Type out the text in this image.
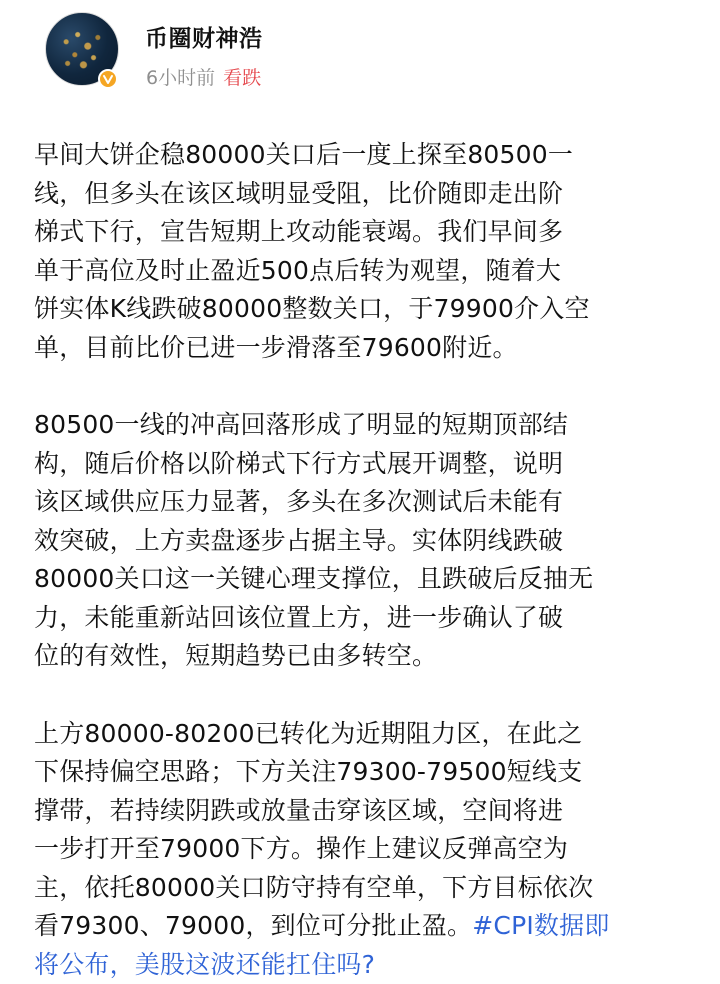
币圈财神浩
6小时前 看跌

早间大饼企稳80000关口后一度上探至80500一

线，但多头在该区域明显受阻，比价随即走出阶

梯式下行，宣告短期上攻动能衰竭。我们早间多

单于高位及时止盈近500点后转为观望，随着大

饼实体K线跌破80000整数关口，于79900介入空

单，目前比价已进一步滑落至79600附近。

80500一线的冲高回落形成了明显的短期顶部结

构，随后价格以阶梯式下行方式展开调整，说明

该区域供应压力显著，多头在多次测试后未能有

效突破，上方卖盘逐步占据主导。实体阴线跌破

80000关口这一关键心理支撑位，且跌破后反抽无

力，未能重新站回该位置上方，进一步确认了破

位的有效性，短期趋势已由多转空。

上方80000-80200已转化为近期阻力区，在此之

下保持偏空思路；下方关注79300-79500短线支

撑带，若持续阴跌或放量击穿该区域，空间将进

一步打开至79000下方。操作上建议反弹高空为

主，依托80000关口防守持有空单，下方目标依次

看79300、79000，到位可分批止盈。#CPI数据即

将公布，美股这波还能扛住吗?
